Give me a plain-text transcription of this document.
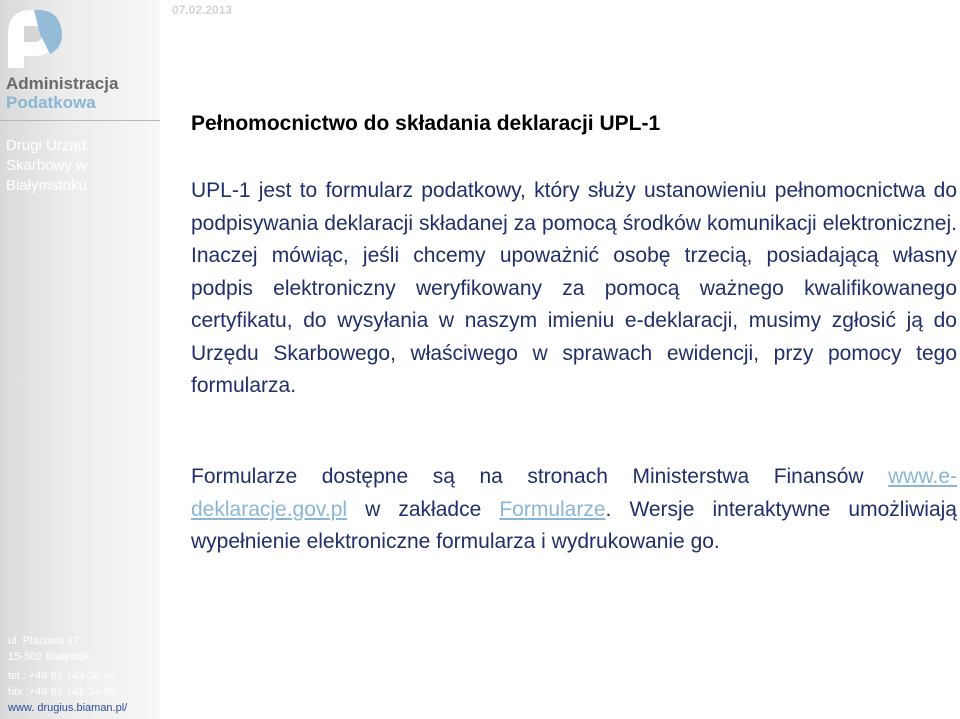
07.02.2013
Administracja
Podatkowa
Drugi Urząd
Skarbowy w
Białymstoku
Pełnomocnictwo do składania deklaracji UPL-1
UPL-1 jest to formularz podatkowy, który służy ustanowieniu pełnomocnictwa do podpisywania deklaracji składanej za pomocą środków komunikacji elektronicznej. Inaczej mówiąc, jeśli chcemy upoważnić osobę trzecią, posiadającą własny podpis elektroniczny weryfikowany za pomocą ważnego kwalifikowanego certyfikatu, do wysyłania w naszym imieniu e-deklaracji, musimy zgłosić ją do Urzędu Skarbowego, właściwego w sprawach ewidencji, przy pomocy tego formularza.
Formularze dostępne są na stronach Ministerstwa Finansów www.e-deklaracje.gov.pl w zakładce Formularze. Wersje interaktywne umożliwiają wypełnienie elektroniczne formularza i wydrukowanie go.
ul. Plażowa 17
15-502 Białystok
tel.: +48 85 743-36-40
fax :+48 85 741-34-89
www. drugius.biaman.pl/
